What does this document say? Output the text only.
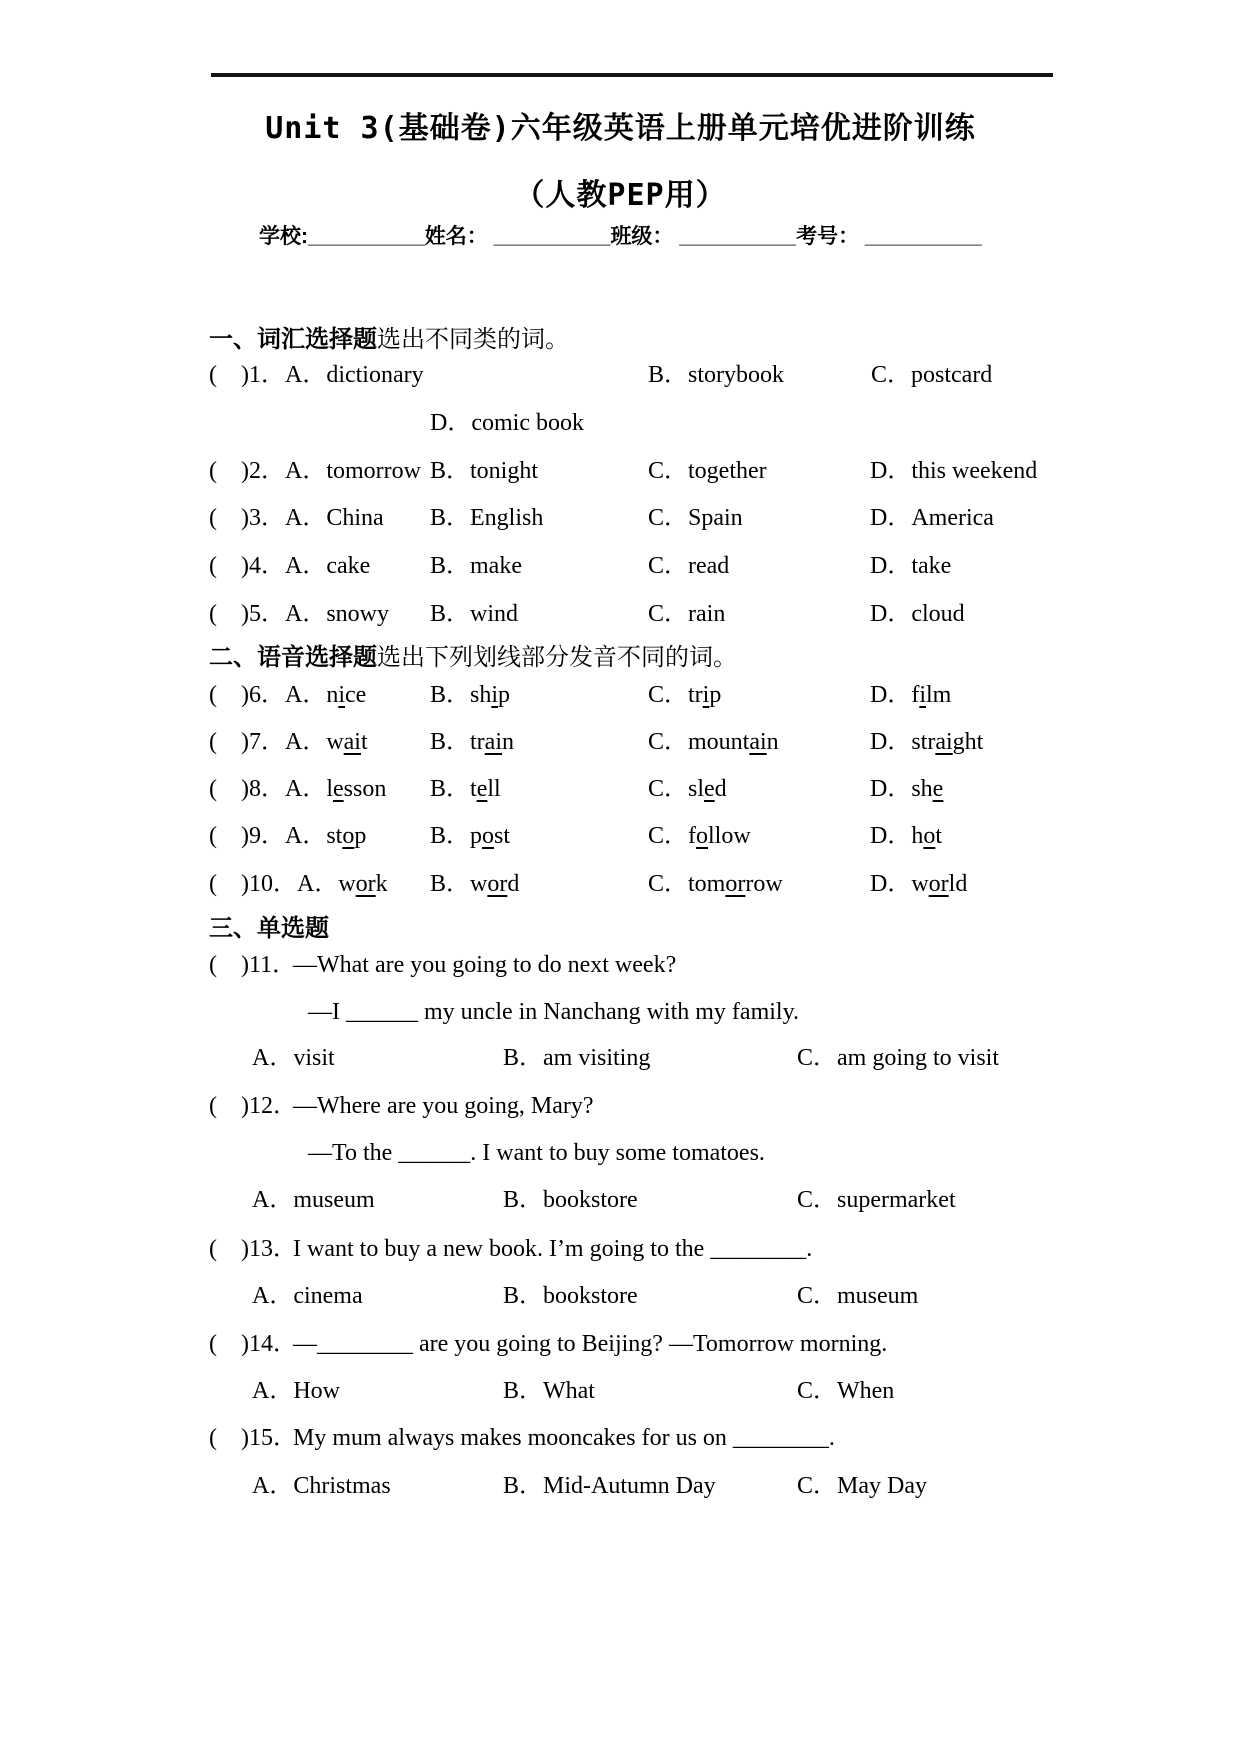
Unit 3(基础卷)六年级英语上册单元培优进阶训练
（人教PEP用）
学校:__________姓名： __________班级： __________考号： __________
一、词汇选择题选出不同类的词。
(    )1．A．dictionary	B．storybook	C．postcard
D．comic book
(    )2．A．tomorrow B．tonight	C．together	D．this weekend
(    )3．A．China B．English	C．Spain	D．America
(    )4．A．cake B．make	C．read	D．take
(    )5．A．snowy B．wind	C．rain	D．cloud
二、语音选择题选出下列划线部分发音不同的词。
(    )6．A．nice	B．ship	C．trip	D．film
(    )7．A．wait	B．train	C．mountain	D．straight
(    )8．A．lesson B．tell	C．sled	D．she
(    )9．A．stop	B．post	C．follow	D．hot
(    )10．A．work B．word	C．tomorrow	D．world
三、单选题
(    )11．
—What are you going to do next week?
—I ______ my uncle in Nanchang with my family.
A．visit	B．am visiting	C．am going to visit
(    )12．
—Where are you going, Mary?
—To the ______. I want to buy some tomatoes.
A．museum	B．bookstore	C．supermarket
(    )13．
I want to buy a new book. I’m going to the ________.
A．cinema	B．bookstore	C．museum
(    )14．
—________ are you going to Beijing? —Tomorrow morning.
A．How	B．What	C．When
(    )15．
My mum always makes mooncakes for us on ________.
A．Christmas	B．Mid-Autumn Day	C．May Day
